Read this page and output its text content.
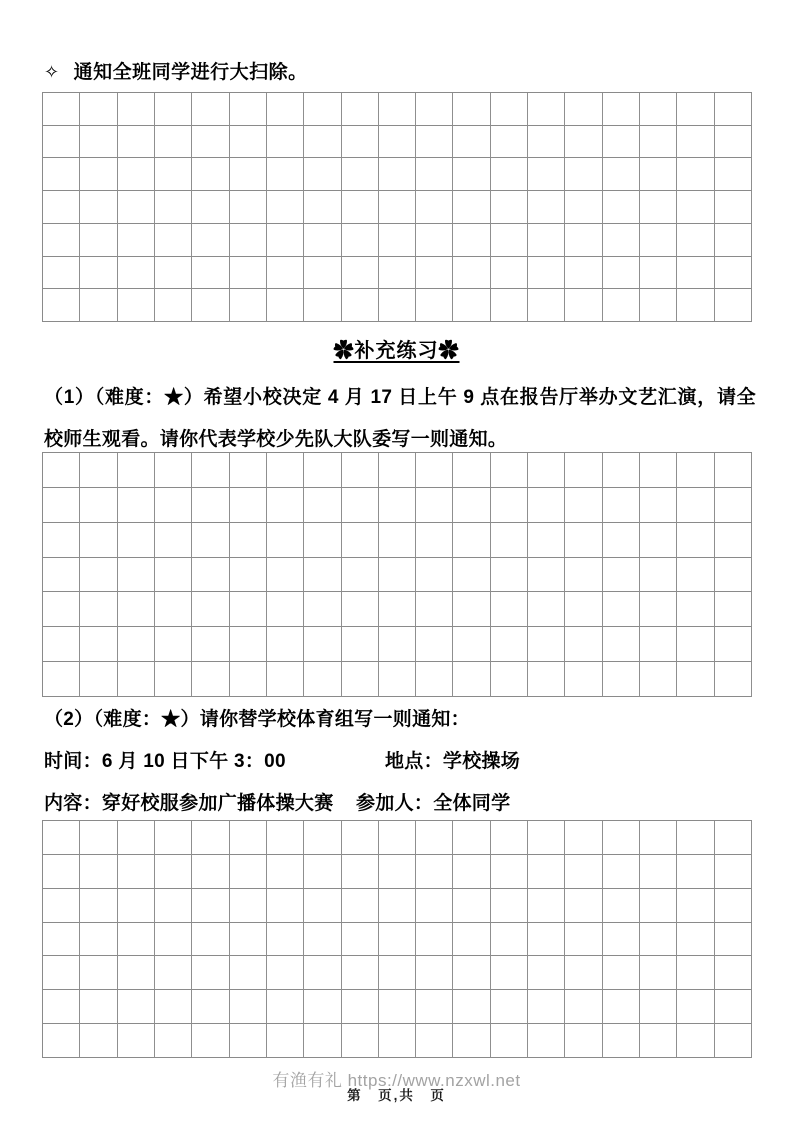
✧ 通知全班同学进行大扫除。
✿补充练习✿
（1）（难度：★）希望小校决定 4 月 17 日上午 9 点在报告厅举办文艺汇演，请全校师生观看。请你代表学校少先队大队委写一则通知。
（2）（难度：★）请你替学校体育组写一则通知：
时间：6 月 10 日下午 3：00	地点：学校操场
内容：穿好校服参加广播体操大赛 参加人：全体同学
有渔有礼 https://www.nzxwl.net
第　页,共　页
